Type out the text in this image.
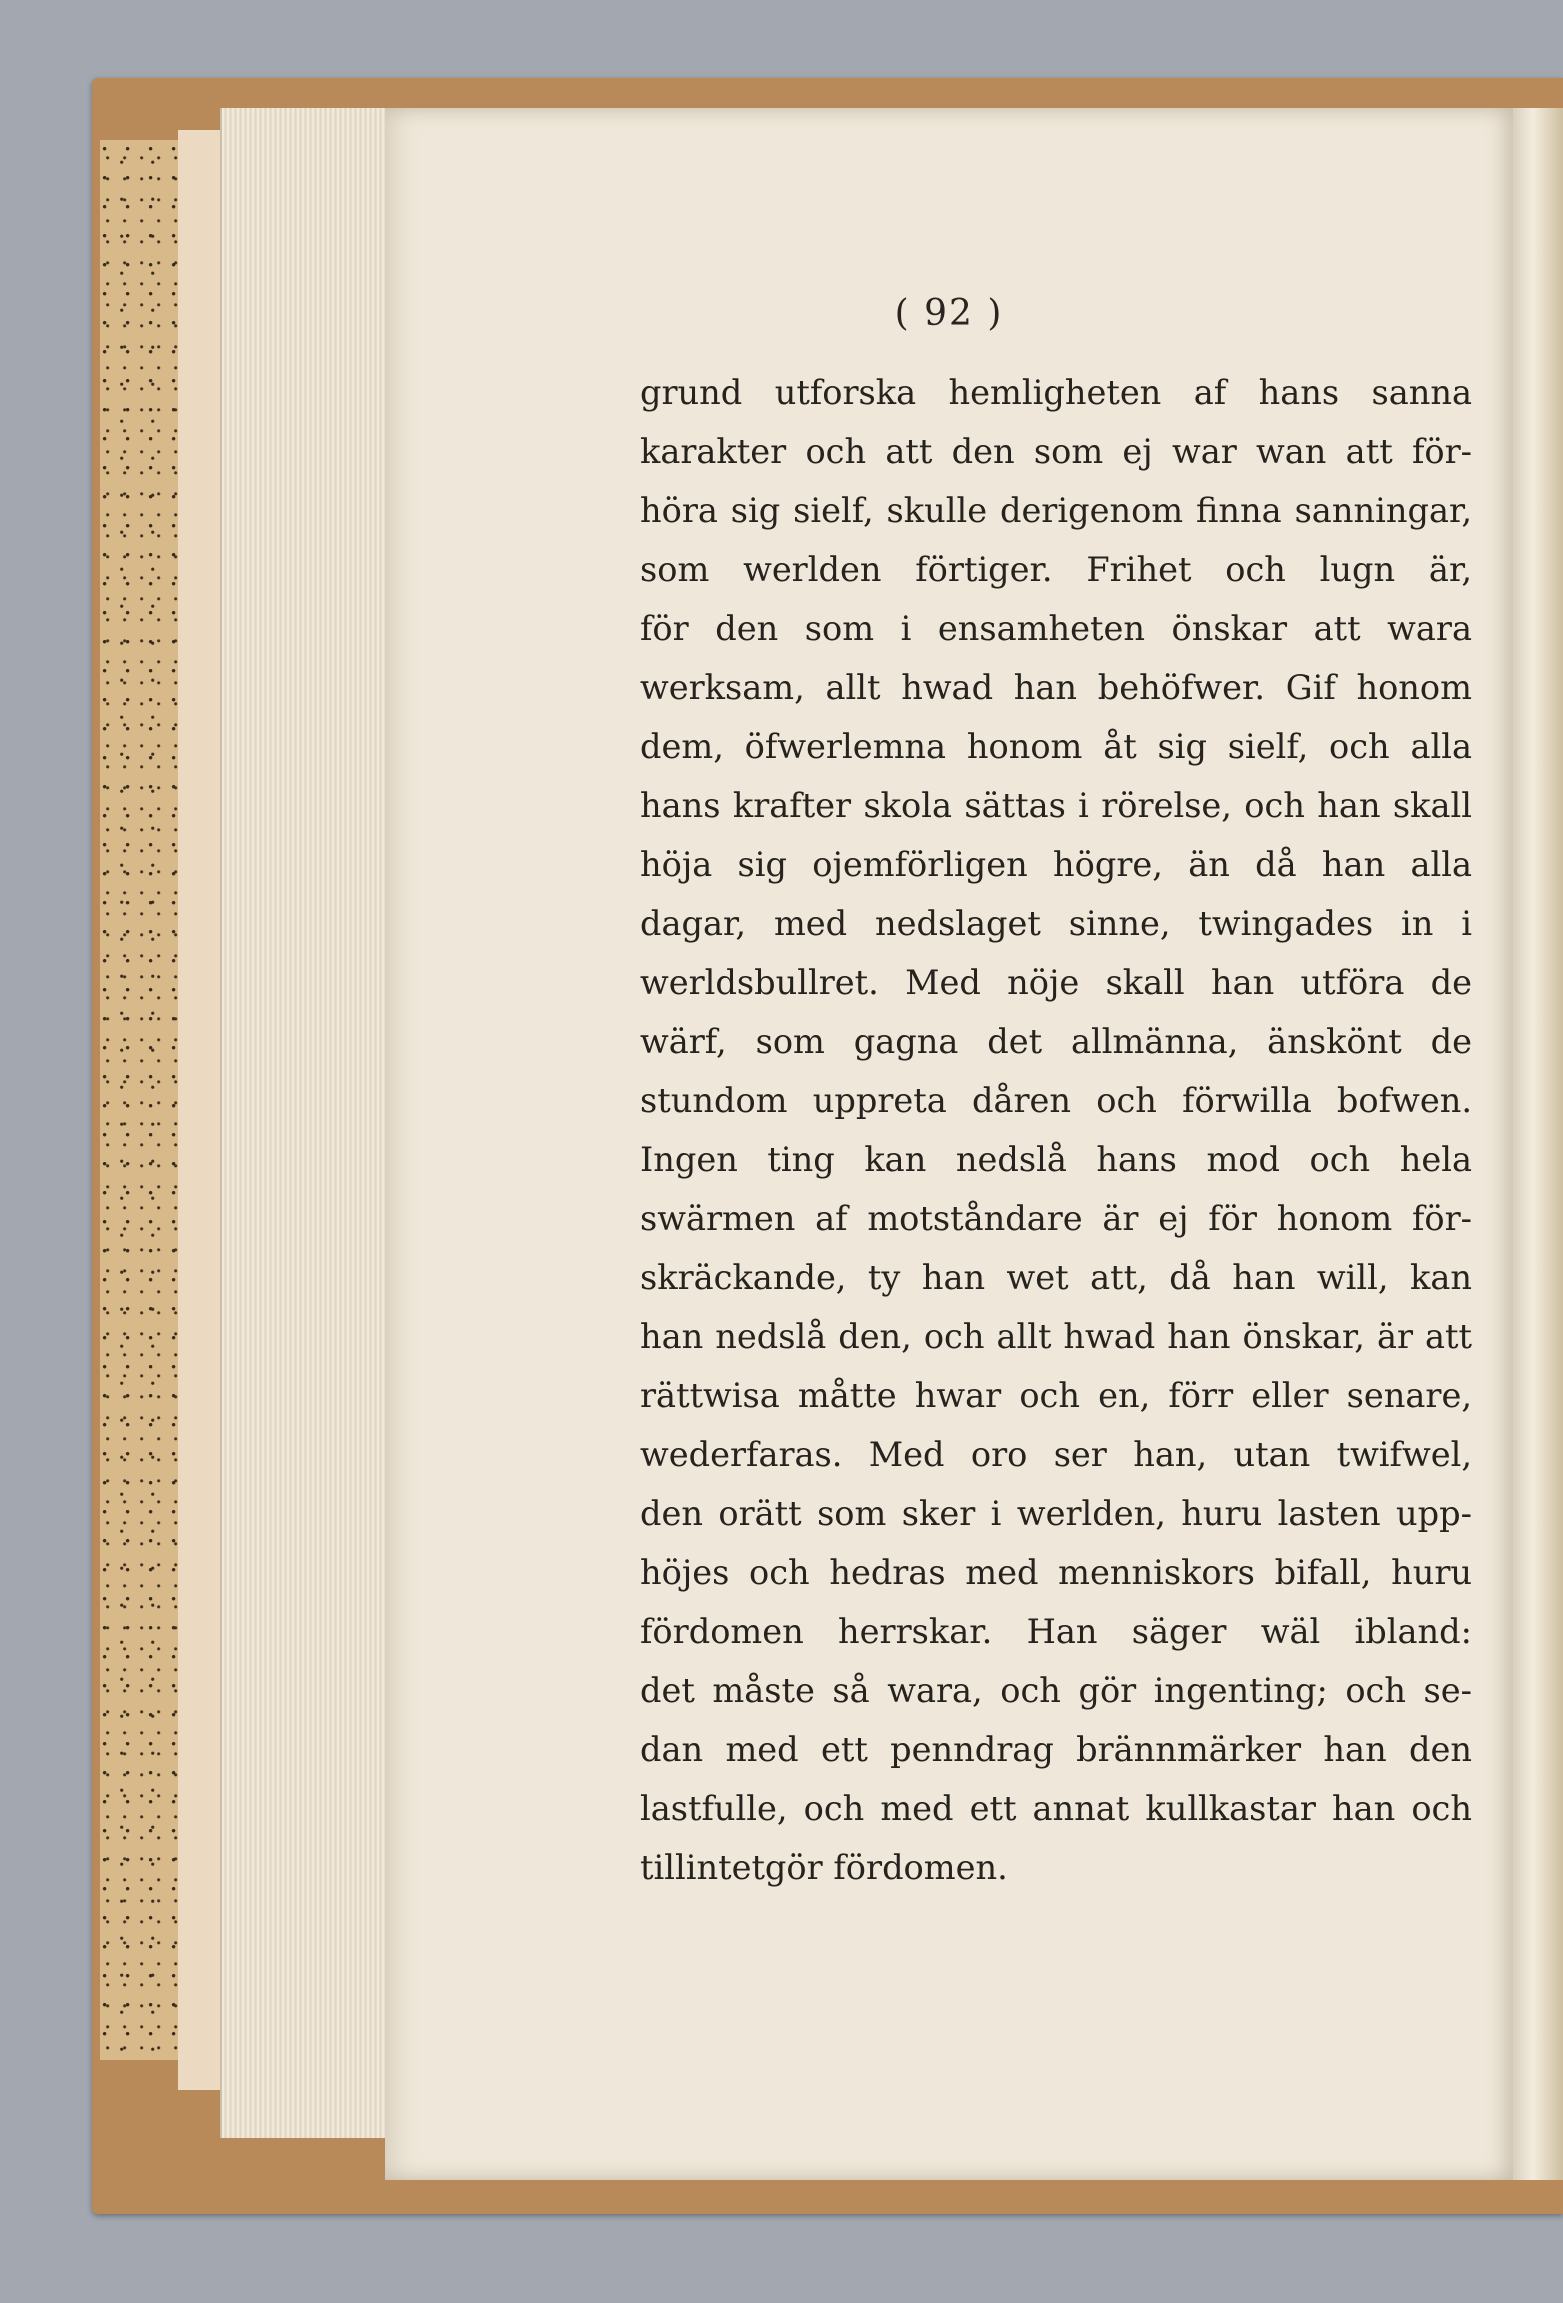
( 92 )
grund utforska hemligheten af hans sanna
karakter och att den som ej war wan att för-
höra sig sielf, skulle derigenom finna sanningar,
som werlden förtiger. Frihet och lugn är,
för den som i ensamheten önskar att wara
werksam, allt hwad han behöfwer. Gif honom
dem, öfwerlemna honom åt sig sielf, och alla
hans krafter skola sättas i rörelse, och han skall
höja sig ojemförligen högre, än då han alla
dagar, med nedslaget sinne, twingades in i
werldsbullret. Med nöje skall han utföra de
wärf, som gagna det allmänna, änskönt de
stundom uppreta dåren och förwilla bofwen.
Ingen ting kan nedslå hans mod och hela
swärmen af motståndare är ej för honom för-
skräckande, ty han wet att, då han will, kan
han nedslå den, och allt hwad han önskar, är att
rättwisa måtte hwar och en, förr eller senare,
wederfaras. Med oro ser han, utan twifwel,
den orätt som sker i werlden, huru lasten upp-
höjes och hedras med menniskors bifall, huru
fördomen herrskar. Han säger wäl ibland:
det måste så wara, och gör ingenting; och se-
dan med ett penndrag brännmärker han den
lastfulle, och med ett annat kullkastar han och
tillintetgör fördomen.
